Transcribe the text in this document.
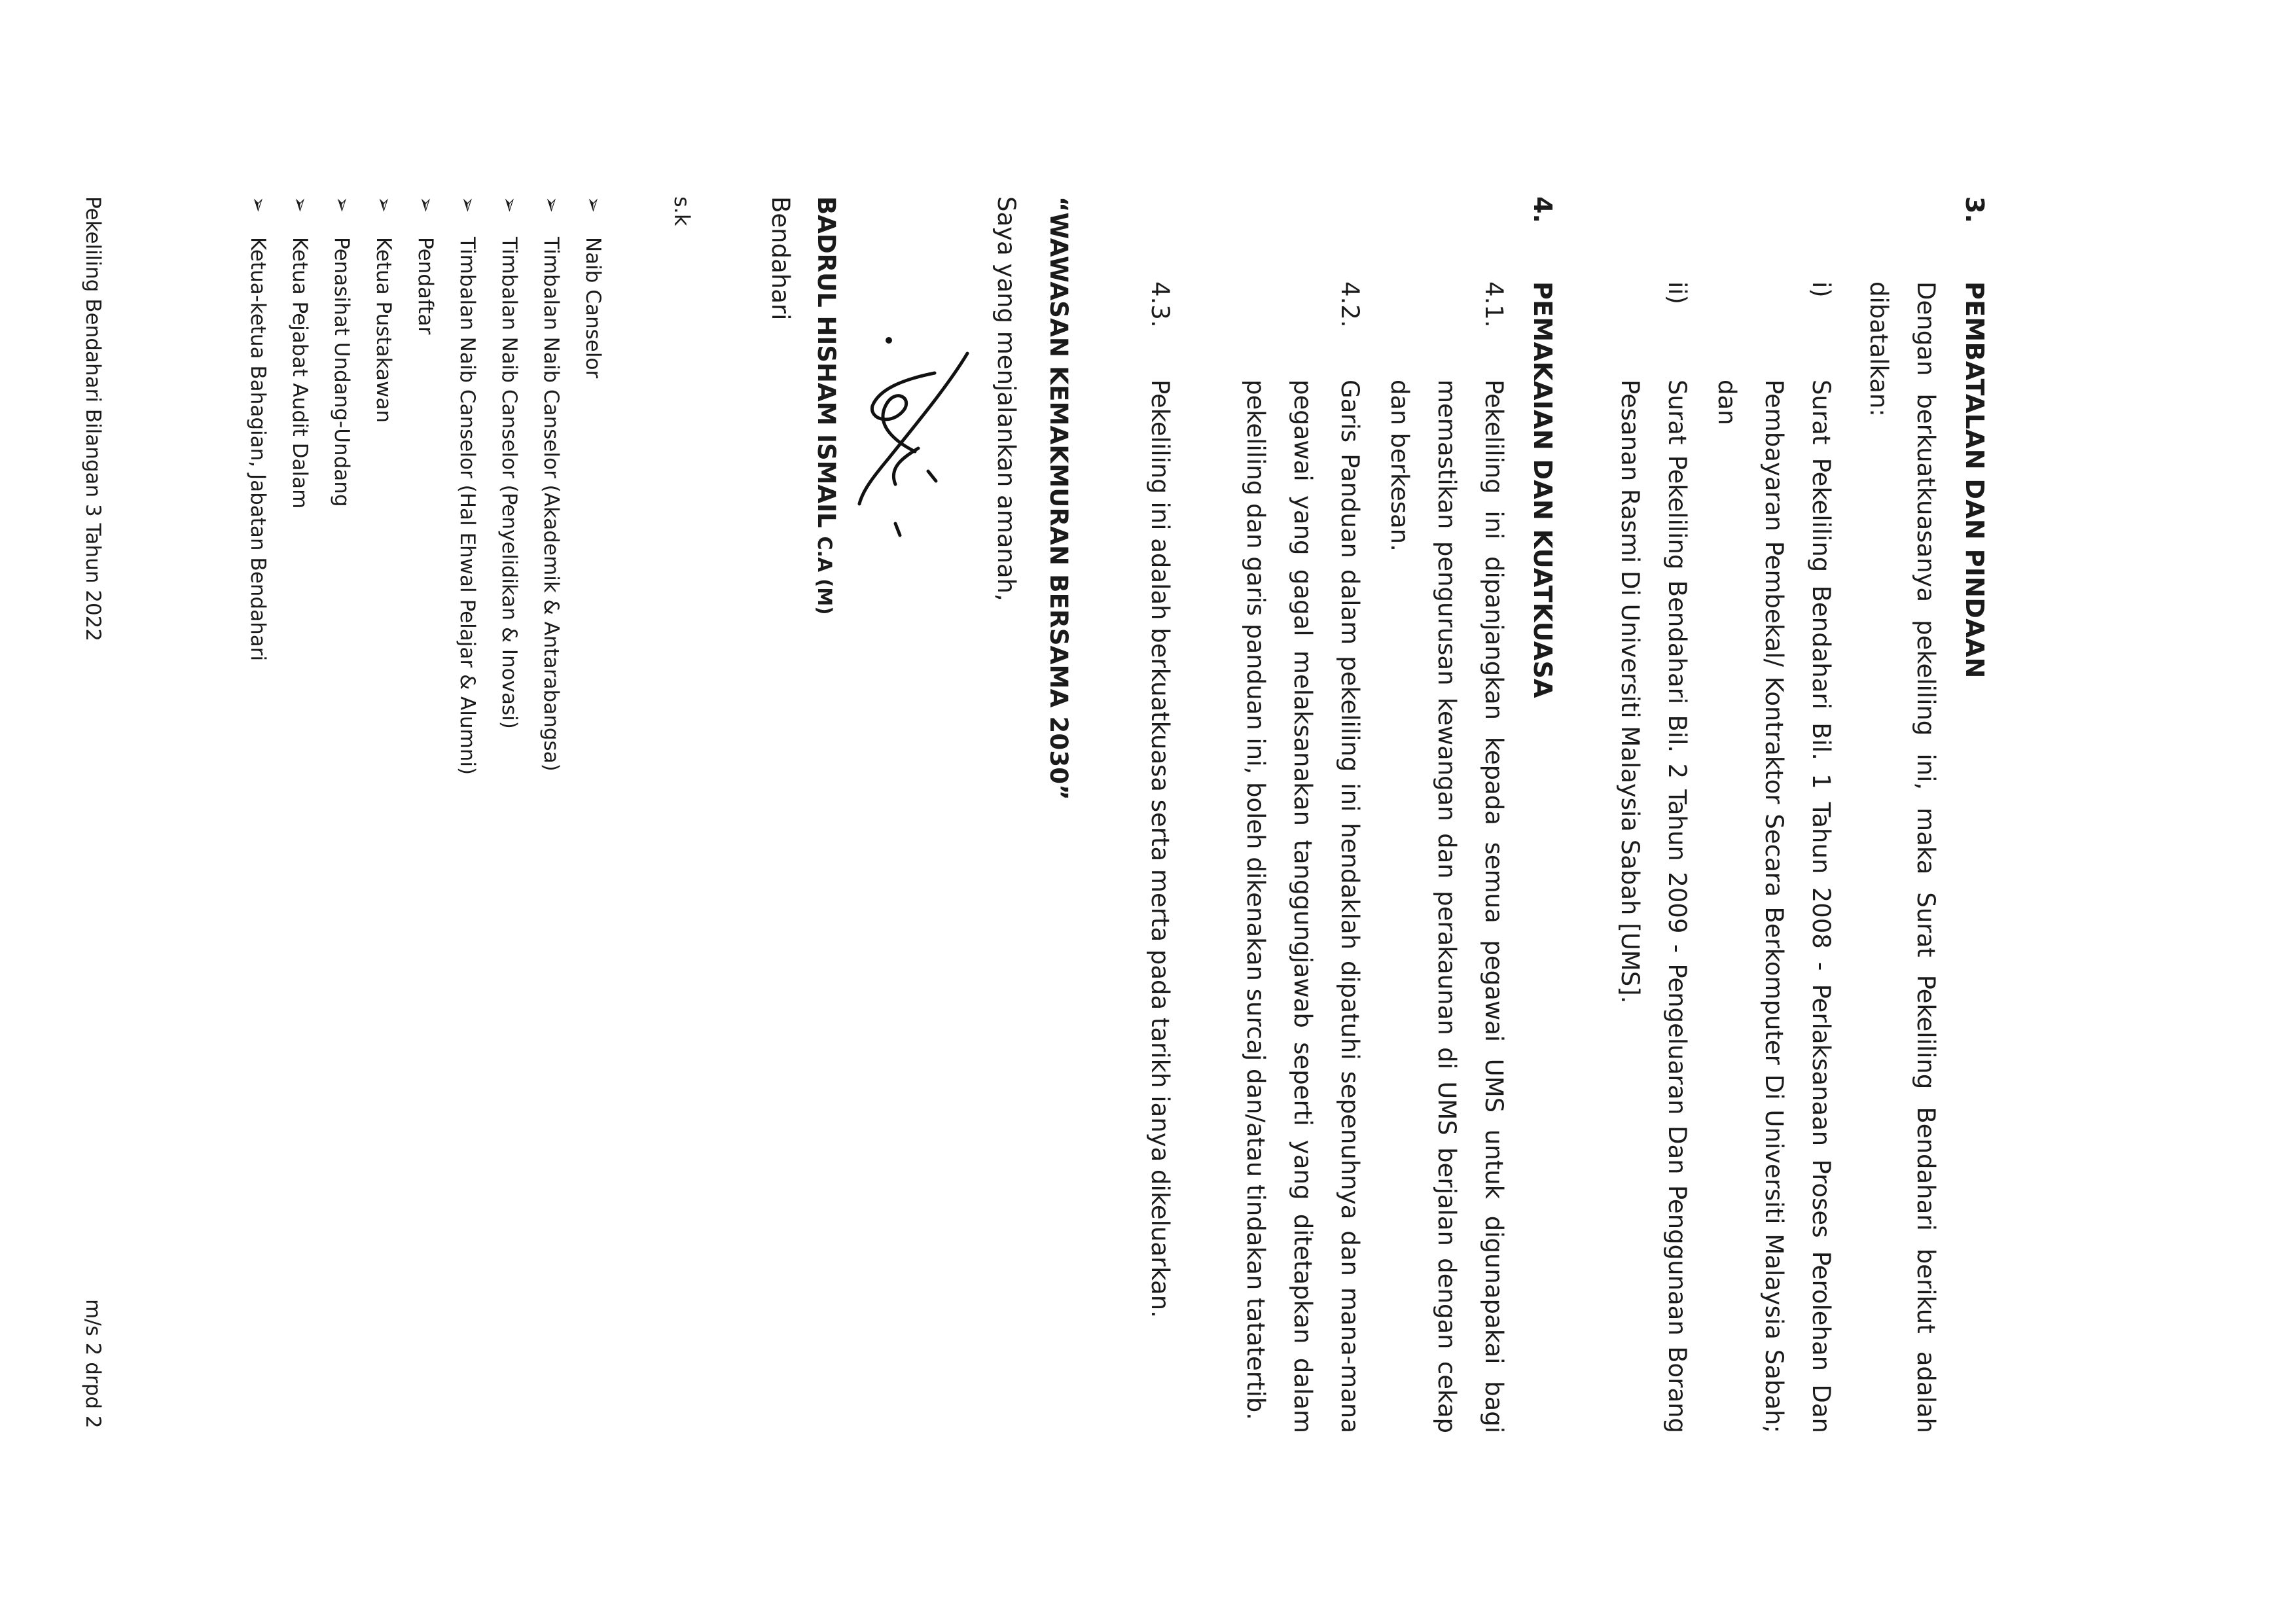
3.
PEMBATALAN DAN PINDAAN
Dengan berkuatkuasanya pekeliling ini, maka Surat Pekeliling Bendahari berikut adalah dibatalkan:
i)
Surat Pekeliling Bendahari Bil. 1 Tahun 2008 - Perlaksanaan Proses Perolehan Dan Pembayaran Pembekal/ Kontraktor Secara Berkomputer Di Universiti Malaysia Sabah; dan
ii)
Surat Pekeliling Bendahari Bil. 2 Tahun 2009 - Pengeluaran Dan Penggunaan Borang Pesanan Rasmi Di Universiti Malaysia Sabah [UMS].
4.
PEMAKAIAN DAN KUATKUASA
4.1.
Pekeliling ini dipanjangkan kepada semua pegawai UMS untuk digunapakai bagi memastikan pengurusan kewangan dan perakaunan di UMS berjalan dengan cekap dan berkesan.
4.2.
Garis Panduan dalam pekeliling ini hendaklah dipatuhi sepenuhnya dan mana-mana pegawai yang gagal melaksanakan tanggungjawab seperti yang ditetapkan dalam pekeliling dan garis panduan ini, boleh dikenakan surcaj dan/atau tindakan tatatertib.
4.3.
Pekeliling ini adalah berkuatkuasa serta merta pada tarikh ianya dikeluarkan.
“WAWASAN KEMAKMURAN BERSAMA 2030”
Saya yang menjalankan amanah,
BADRUL HISHAM ISMAIL C.A (M)
Bendahari
s.k
➢
Naib Canselor
➢
Timbalan Naib Canselor (Akademik & Antarabangsa)
➢
Timbalan Naib Canselor (Penyelidikan & Inovasi)
➢
Timbalan Naib Canselor (Hal Ehwal Pelajar & Alumni)
➢
Pendaftar
➢
Ketua Pustakawan
➢
Penasihat Undang-Undang
➢
Ketua Pejabat Audit Dalam
➢
Ketua-ketua Bahagian, Jabatan Bendahari
Pekeliling Bendahari Bilangan 3 Tahun 2022
m/s 2 drpd 2
